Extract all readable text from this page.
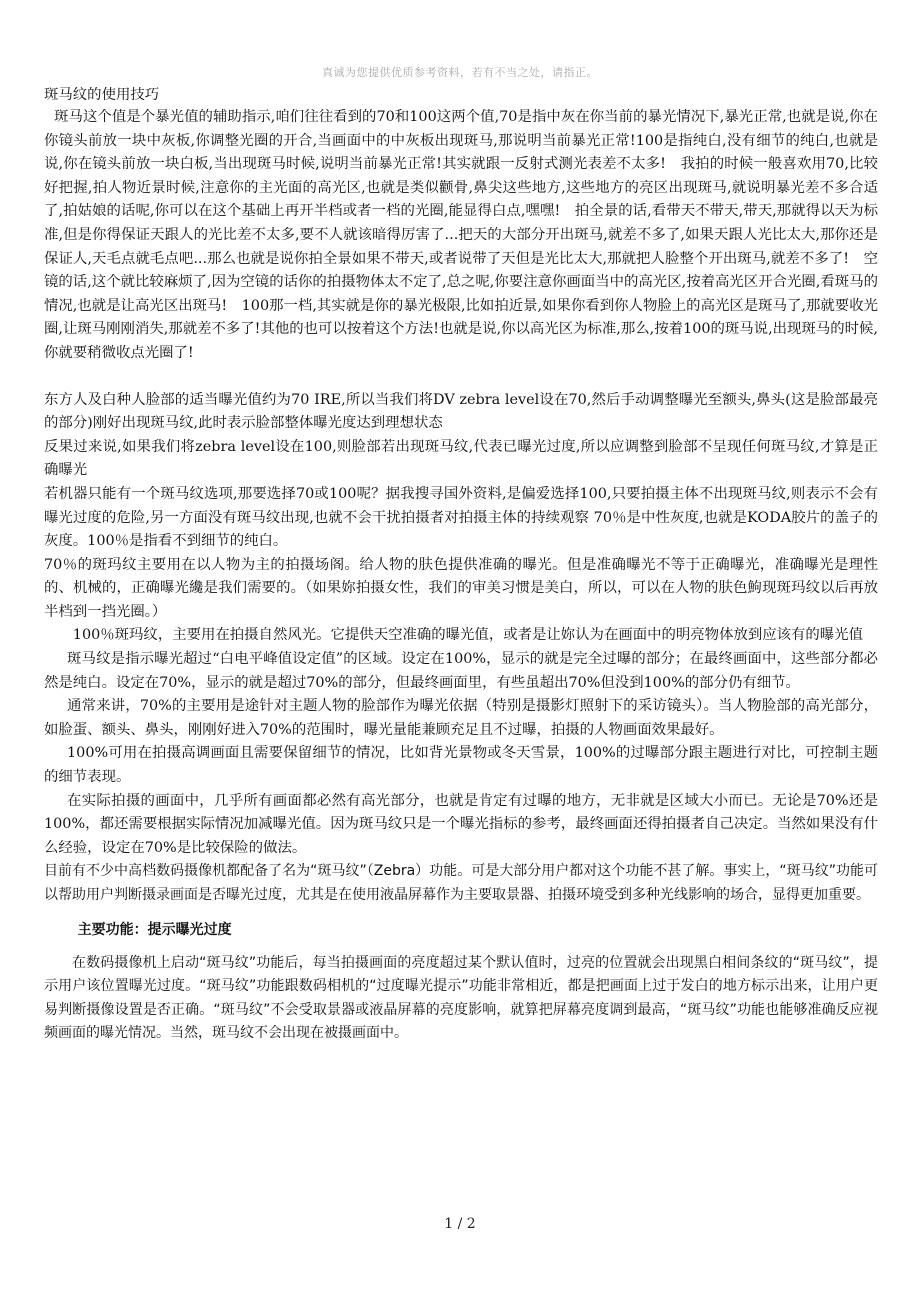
真诚为您提供优质参考资料，若有不当之处，请指正。

斑马纹的使用技巧

斑马这个值是个暴光值的辅助指示,咱们往往看到的70和100这两个值,70是指中灰在你当前的暴光情况下,暴光正常,也就是说,你在你镜头前放一块中灰板,你调整光圈的开合,当画面中的中灰板出现斑马,那说明当前暴光正常!100是指纯白,没有细节的纯白,也就是说,你在镜头前放一块白板,当出现斑马时候,说明当前暴光正常!其实就跟一反射式测光表差不太多!　我拍的时候一般喜欢用70,比较好把握,拍人物近景时候,注意你的主光面的高光区,也就是类似颧骨,鼻尖这些地方,这些地方的亮区出现斑马,就说明暴光差不多合适了,拍姑娘的话呢,你可以在这个基础上再开半档或者一档的光圈,能显得白点,嘿嘿!　拍全景的话,看带天不带天,带天,那就得以天为标准,但是你得保证天跟人的光比差不太多,要不人就该暗得厉害了...把天的大部分开出斑马,就差不多了,如果天跟人光比太大,那你还是保证人,天毛点就毛点吧...那么也就是说你拍全景如果不带天,或者说带了天但是光比太大,那就把人脸整个开出斑马,就差不多了!　空镜的话,这个就比较麻烦了,因为空镜的话你的拍摄物体太不定了,总之呢,你要注意你画面当中的高光区,按着高光区开合光圈,看斑马的情况,也就是让高光区出斑马!　100那一档,其实就是你的暴光极限,比如拍近景,如果你看到你人物脸上的高光区是斑马了,那就要收光圈,让斑马刚刚消失,那就差不多了!其他的也可以按着这个方法!也就是说,你以高光区为标准,那么,按着100的斑马说,出现斑马的时候,你就要稍微收点光圈了!

东方人及白种人脸部的适当曝光值约为70 IRE,所以当我们将DV zebra level设在70,然后手动调整曝光至额头,鼻头(这是脸部最亮的部分)刚好出现斑马纹,此时表示脸部整体曝光度达到理想状态

反果过来说,如果我们将zebra level设在100,则脸部若出现斑马纹,代表已曝光过度,所以应调整到脸部不呈现任何斑马纹,才算是正确曝光

若机器只能有一个斑马纹选项,那要选择70或100呢？据我搜寻国外资料,是偏爱选择100,只要拍摄主体不出现斑马纹,则表示不会有曝光过度的危险,另一方面没有斑马纹出现,也就不会干扰拍摄者对拍摄主体的持续观察 70％是中性灰度,也就是KODA胶片的盖子的灰度。100％是指看不到细节的纯白。

70％的斑玛纹主要用在以人物为主的拍摄场阁。给人物的肤色提供准确的曝光。但是准确曝光不等于正确曝光，准确曝光是理性的、机械的，正确曝光纔是我们需要的。（如果妳拍摄女性，我们的审美习惯是美白，所以，可以在人物的肤色鮈现斑玛纹以后再放半档到一挡光圈。）

100％斑玛纹，主要用在拍摄自然风光。它提供天空准确的曝光值，或者是让妳认为在画面中的明亮物体放到应该有的曝光值

斑马纹是指示曝光超过“白电平峰值设定值”的区域。设定在100%，显示的就是完全过曝的部分；在最终画面中，这些部分都必然是纯白。设定在70%，显示的就是超过70%的部分，但最终画面里，有些虽超出70%但没到100%的部分仍有细节。

通常来讲，70%的主要用是途针对主题人物的脸部作为曝光依据（特别是摄影灯照射下的采访镜头）。当人物脸部的高光部分，如脸蛋、额头、鼻头，刚刚好进入70%的范围时，曝光量能兼顾充足且不过曝，拍摄的人物画面效果最好。

100%可用在拍摄高调画面且需要保留细节的情况，比如背光景物或冬天雪景，100%的过曝部分跟主题进行对比，可控制主题的细节表现。

在实际拍摄的画面中，几乎所有画面都必然有高光部分，也就是肯定有过曝的地方，无非就是区域大小而已。无论是70%还是100%，都还需要根据实际情况加减曝光值。因为斑马纹只是一个曝光指标的参考，最终画面还得拍摄者自己决定。当然如果没有什么经验，设定在70%是比较保险的做法。

目前有不少中高档数码摄像机都配备了名为“斑马纹”（Zebra）功能。可是大部分用户都对这个功能不甚了解。事实上，“斑马纹”功能可以帮助用户判断摄录画面是否曝光过度，尤其是在使用液晶屏幕作为主要取景器、拍摄环境受到多种光线影响的场合，显得更加重要。

主要功能：提示曝光过度

在数码摄像机上启动“斑马纹”功能后，每当拍摄画面的亮度超过某个默认值时，过亮的位置就会出现黑白相间条纹的“斑马纹”，提示用户该位置曝光过度。“斑马纹”功能跟数码相机的“过度曝光提示”功能非常相近，都是把画面上过于发白的地方标示出来，让用户更易判断摄像设置是否正确。“斑马纹”不会受取景器或液晶屏幕的亮度影响，就算把屏幕亮度调到最高，“斑马纹”功能也能够准确反应视频画面的曝光情况。当然，斑马纹不会出现在被摄画面中。

1 / 2
